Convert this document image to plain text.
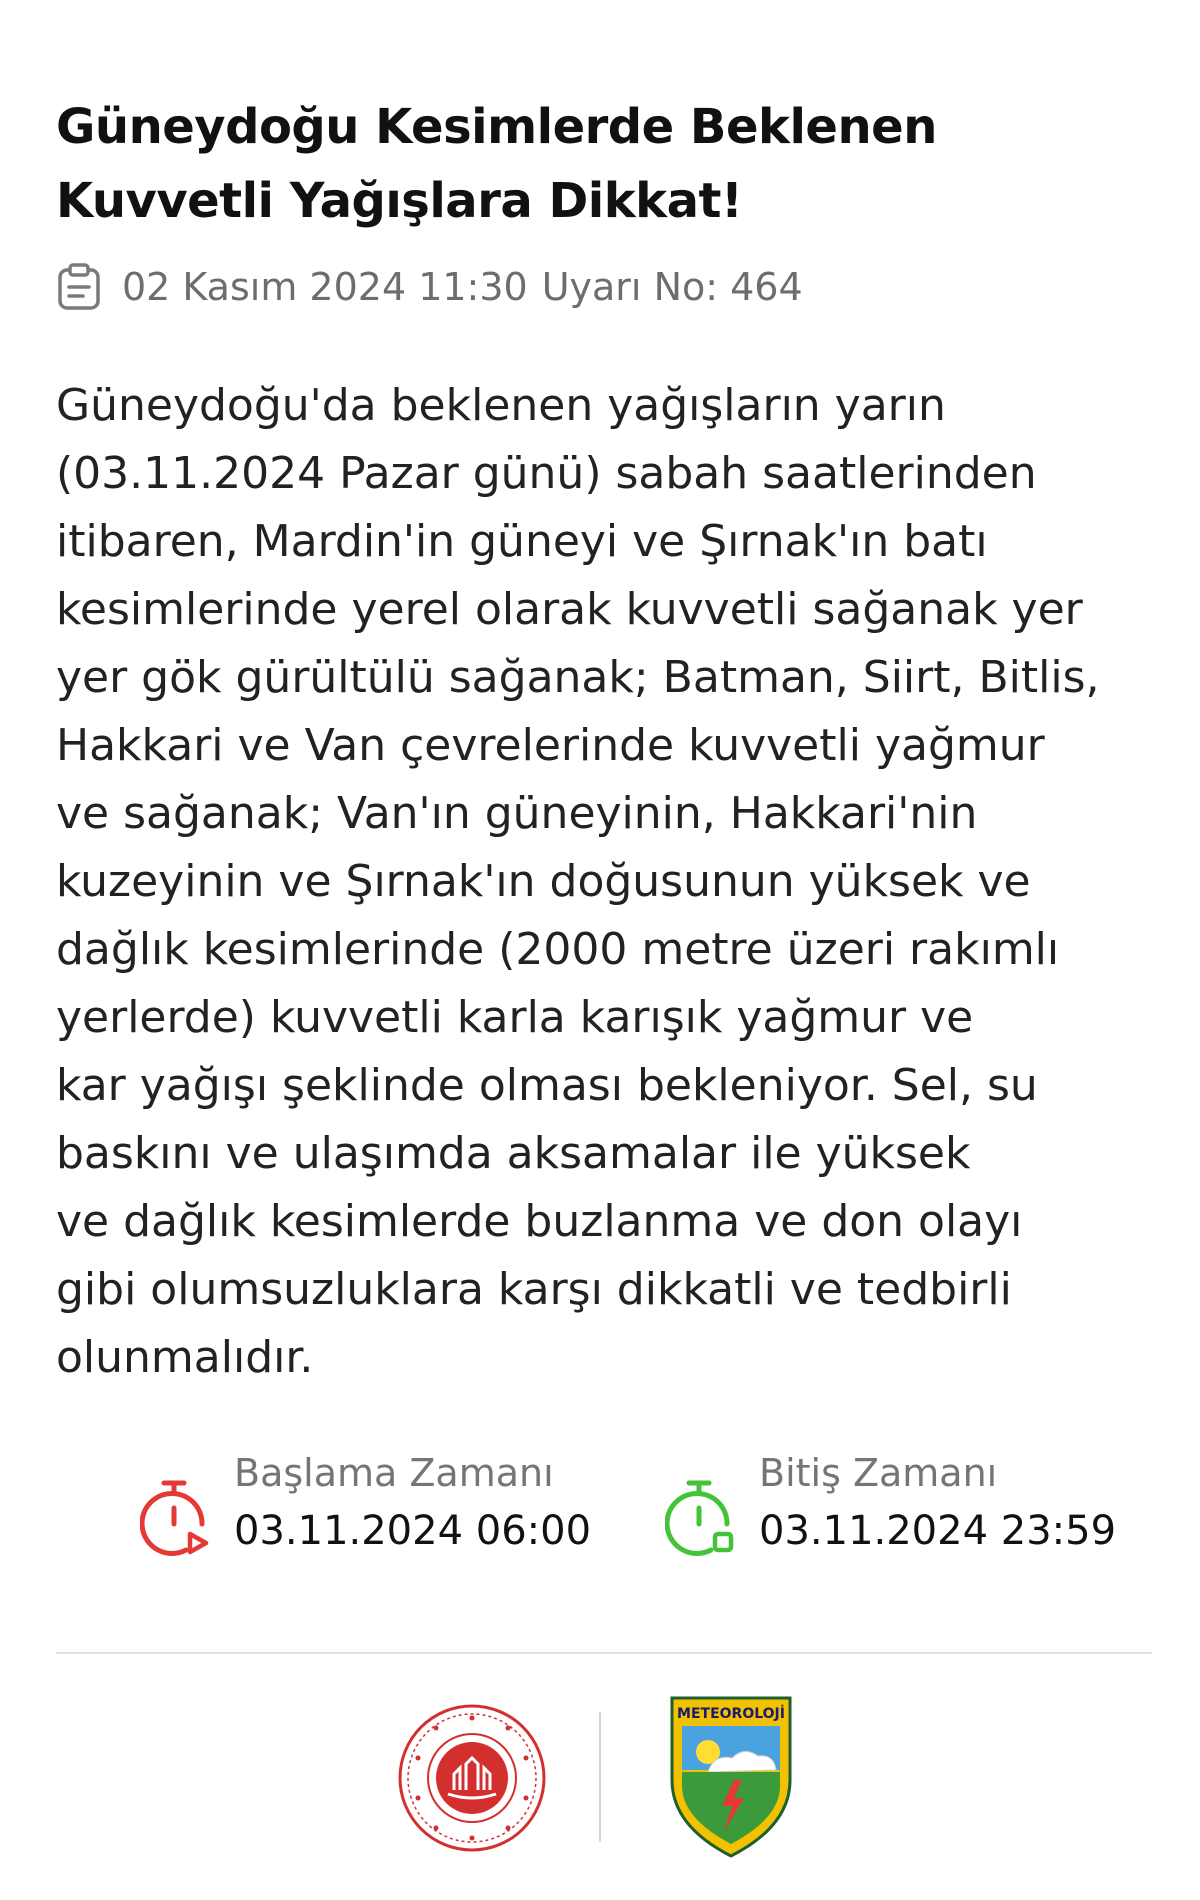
Güneydoğu Kesimlerde Beklenen Kuvvetli Yağışlara Dikkat!
02 Kasım 2024 11:30 Uyarı No: 464
Güneydoğu'da beklenen yağışların yarın
(03.11.2024 Pazar günü) sabah saatlerinden
itibaren, Mardin'in güneyi ve Şırnak'ın batı
kesimlerinde yerel olarak kuvvetli sağanak yer
yer gök gürültülü sağanak; Batman, Siirt, Bitlis,
Hakkari ve Van çevrelerinde kuvvetli yağmur
ve sağanak; Van'ın güneyinin, Hakkari'nin
kuzeyinin ve Şırnak'ın doğusunun yüksek ve
dağlık kesimlerinde (2000 metre üzeri rakımlı
yerlerde) kuvvetli karla karışık yağmur ve
kar yağışı şeklinde olması bekleniyor. Sel, su
baskını ve ulaşımda aksamalar ile yüksek
ve dağlık kesimlerde buzlanma ve don olayı
gibi olumsuzluklara karşı dikkatli ve tedbirli
olunmalıdır.
Başlama Zamanı
03.11.2024 06:00
Bitiş Zamanı
03.11.2024 23:59
METEOROLOJİ
